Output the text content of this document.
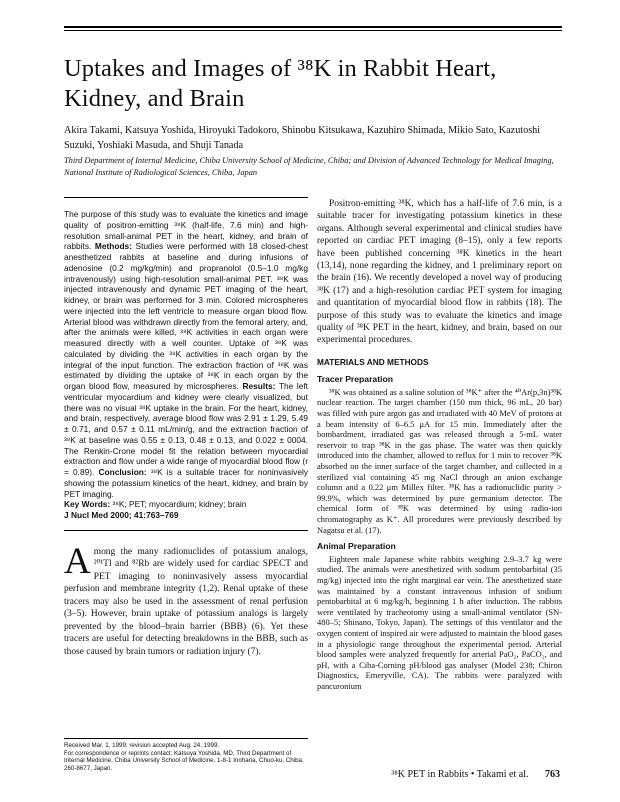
Uptakes and Images of ³⁸K in Rabbit Heart, Kidney, and Brain
Akira Takami, Katsuya Yoshida, Hiroyuki Tadokoro, Shinobu Kitsukawa, Kazuhiro Shimada, Mikio Sato, Kazutoshi Suzuki, Yoshiaki Masuda, and Shuji Tanada
Third Department of Internal Medicine, Chiba University School of Medicine, Chiba; and Division of Advanced Technology for Medical Imaging, National Institute of Radiological Sciences, Chiba, Japan
The purpose of this study was to evaluate the kinetics and image quality of positron-emitting ³⁸K (half-life, 7.6 min) and high-resolution small-animal PET in the heart, kidney, and brain of rabbits. Methods: Studies were performed with 18 closed-chest anesthetized rabbits at baseline and during infusions of adenosine (0.2 mg/kg/min) and propranolol (0.5–1.0 mg/kg intravenously) using high-resolution small-animal PET. ³⁸K was injected intravenously and dynamic PET imaging of the heart, kidney, or brain was performed for 3 min. Colored microspheres were injected into the left ventricle to measure organ blood flow. Arterial blood was withdrawn directly from the femoral artery, and, after the animals were killed, ³⁸K activities in each organ were measured directly with a well counter. Uptake of ³⁸K was calculated by dividing the ³⁸K activities in each organ by the integral of the input function. The extraction fraction of ³⁸K was estimated by dividing the uptake of ³⁸K in each organ by the organ blood flow, measured by microspheres. Results: The left ventricular myocardium and kidney were clearly visualized, but there was no visual ³⁸K uptake in the brain. For the heart, kidney, and brain, respectively, average blood flow was 2.91 ± 1.29, 5.49 ± 0.71, and 0.57 ± 0.11 mL/min/g, and the extraction fraction of ³⁸K at baseline was 0.55 ± 0.13, 0.48 ± 0.13, and 0.022 ± 0004. The Renkin-Crone model fit the relation between myocardial extraction and flow under a wide range of myocardial blood flow (r = 0.89). Conclusion: ³⁸K is a suitable tracer for noninvasively showing the potassium kinetics of the heart, kidney, and brain by PET imaging.
Key Words: ³⁸K; PET; myocardium; kidney; brain
J Nucl Med 2000; 41:763–769
A mong the many radionuclides of potassium analogs, ²⁰¹Tl and ⁸²Rb are widely used for cardiac SPECT and PET imaging to noninvasively assess myocardial perfusion and membrane integrity (1,2). Renal uptake of these tracers may also be used in the assessment of renal perfusion (3–5). However, brain uptake of potassium analogs is largely prevented by the blood–brain barrier (BBB) (6). Yet these tracers are useful for detecting breakdowns in the BBB, such as those caused by brain tumors or radiation injury (7).
Received Mar. 1, 1999; revision accepted Aug. 24, 1999.
For correspondence or reprints contact: Katsuya Yoshida, MD, Third Department of Internal Medicine, Chiba University School of Medicine, 1-8-1 Inohana, Chuo-ku, Chiba, 260-8677, Japan.

Positron-emitting ³⁸K, which has a half-life of 7.6 min, is a suitable tracer for investigating potassium kinetics in these organs. Although several experimental and clinical studies have reported on cardiac PET imaging (8–15), only a few reports have been published concerning ³⁸K kinetics in the heart (13,14), none regarding the kidney, and 1 preliminary report on the brain (16). We recently developed a novel way of producing ³⁸K (17) and a high-resolution cardiac PET system for imaging and quantitation of myocardial blood flow in rabbits (18). The purpose of this study was to evaluate the kinetics and image quality of ³⁸K PET in the heart, kidney, and brain, based on our experimental procedures.

MATERIALS AND METHODS
Tracer Preparation

³⁸K was obtained as a saline solution of ³⁸K⁺ after the ⁴⁰Ar(p,3n)³⁸K nuclear reaction. The target chamber (150 mm thick, 96 mL, 20 bar) was filled with pure argon gas and irradiated with 40 MeV of protons at a beam intensity of 6–6.5 μA for 15 min. Immediately after the bombardment, irradiated gas was released through a 5-mL water reservoir to trap ³⁸K in the gas phase. The water was then quickly introduced into the chamber, allowed to reflux for 1 min to recover ³⁸K absorbed on the inner surface of the target chamber, and collected in a sterilized vial containing 45 mg NaCl through an anion exchange column and a 0.22 μm Millex filter. ³⁸K has a radionuclidic purity > 99.9%, which was determined by pure germanium detector. The chemical form of ³⁸K was determined by using radio-ion chromatography as K⁺. All procedures were previously described by Nagatsu et al. (17).

Animal Preparation

Eighteen male Japanese white rabbits weighing 2.9–3.7 kg were studied. The animals were anesthetized with sodium pentobarbital (35 mg/kg) injected into the right marginal ear vein. The anesthetized state was maintained by a constant intravenous infusion of sodium pentobarbital at 6 mg/kg/h, beginning 1 h after induction. The rabbits were ventilated by tracheotomy using a small-animal ventilator (SN-480–5; Shinano, Tokyo, Japan). The settings of this ventilator and the oxygen content of inspired air were adjusted to maintain the blood gases in a physiologic range throughout the experimental period. Arterial blood samples were analyzed frequently for arterial PaO₂, PaCO₂, and pH, with a Ciba-Corning pH/blood gas analyser (Model 238; Chiron Diagnostics, Emeryville, CA). The rabbits were paralyzed with pancuronium

³⁸K PET in Rabbits • Takami et al. 763
